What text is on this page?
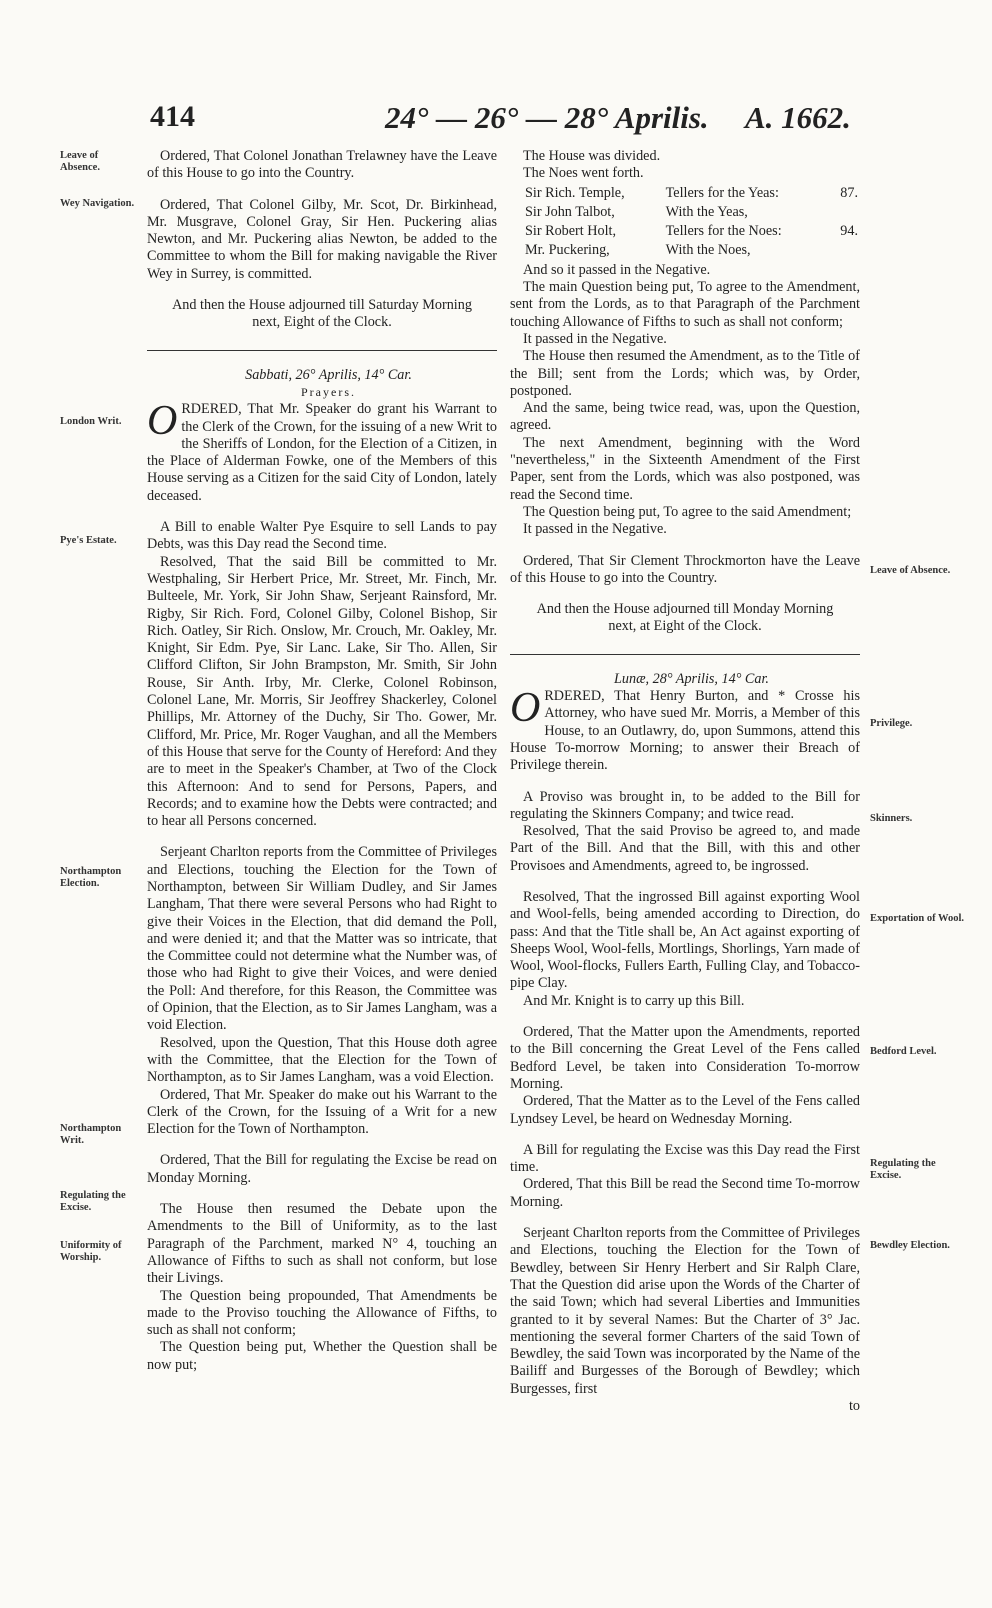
414	24° — 26° — 28° Aprilis. A. 1662.
Leave of Absence.
Wey Navigation.
London Writ.
Pye's Estate.
Northampton Election.
Northampton Writ.
Regulating the Excise.
Uniformity of Worship.
Leave of Absence.
Privilege.
Skinners.
Exportation of Wool.
Bedford Level.
Regulating the Excise.
Bewdley Election.

Ordered, That Colonel Jonathan Trelawney have the Leave of this House to go into the Country.

Ordered, That Colonel Gilby, Mr. Scot, Dr. Birkinhead, Mr. Musgrave, Colonel Gray, Sir Hen. Puckering alias Newton, and Mr. Puckering alias Newton, be added to the Committee to whom the Bill for making navigable the River Wey in Surrey, is committed.

And then the House adjourned till Saturday Morning next, Eight of the Clock.

Sabbati, 26° Aprilis, 14° Car.

Prayers.

ORDERED, That Mr. Speaker do grant his Warrant to the Clerk of the Crown, for the issuing of a new Writ to the Sheriffs of London, for the Election of a Citizen, in the Place of Alderman Fowke, one of the Members of this House serving as a Citizen for the said City of London, lately deceased.

A Bill to enable Walter Pye Esquire to sell Lands to pay Debts, was this Day read the Second time.

Resolved, That the said Bill be committed to Mr. Westphaling, Sir Herbert Price, Mr. Street, Mr. Finch, Mr. Bulteele, Mr. York, Sir John Shaw, Serjeant Rainsford, Mr. Rigby, Sir Rich. Ford, Colonel Gilby, Colonel Bishop, Sir Rich. Oatley, Sir Rich. Onslow, Mr. Crouch, Mr. Oakley, Mr. Knight, Sir Edm. Pye, Sir Lanc. Lake, Sir Tho. Allen, Sir Clifford Clifton, Sir John Brampston, Mr. Smith, Sir John Rouse, Sir Anth. Irby, Mr. Clerke, Colonel Robinson, Colonel Lane, Mr. Morris, Sir Jeoffrey Shackerley, Colonel Phillips, Mr. Attorney of the Duchy, Sir Tho. Gower, Mr. Clifford, Mr. Price, Mr. Roger Vaughan, and all the Members of this House that serve for the County of Hereford: And they are to meet in the Speaker's Chamber, at Two of the Clock this Afternoon: And to send for Persons, Papers, and Records; and to examine how the Debts were contracted; and to hear all Persons concerned.

Serjeant Charlton reports from the Committee of Privileges and Elections, touching the Election for the Town of Northampton, between Sir William Dudley, and Sir James Langham, That there were several Persons who had Right to give their Voices in the Election, that did demand the Poll, and were denied it; and that the Matter was so intricate, that the Committee could not determine what the Number was, of those who had Right to give their Voices, and were denied the Poll: And therefore, for this Reason, the Committee was of Opinion, that the Election, as to Sir James Langham, was a void Election.

Resolved, upon the Question, That this House doth agree with the Committee, that the Election for the Town of Northampton, as to Sir James Langham, was a void Election.

Ordered, That Mr. Speaker do make out his Warrant to the Clerk of the Crown, for the Issuing of a Writ for a new Election for the Town of Northampton.

Ordered, That the Bill for regulating the Excise be read on Monday Morning.

The House then resumed the Debate upon the Amendments to the Bill of Uniformity, as to the last Paragraph of the Parchment, marked N° 4, touching an Allowance of Fifths to such as shall not conform, but lose their Livings.

The Question being propounded, That Amendments be made to the Proviso touching the Allowance of Fifths, to such as shall not conform;

The Question being put, Whether the Question shall be now put;

The House was divided.

The Noes went forth.

Sir Rich. Temple,	Tellers for the Yeas:	87.
Sir John Talbot,	With the Yeas,	
Sir Robert Holt,	Tellers for the Noes:	94.
Mr. Puckering,	With the Noes,	

And so it passed in the Negative.

The main Question being put, To agree to the Amendment, sent from the Lords, as to that Paragraph of the Parchment touching Allowance of Fifths to such as shall not conform;

It passed in the Negative.

The House then resumed the Amendment, as to the Title of the Bill; sent from the Lords; which was, by Order, postponed.

And the same, being twice read, was, upon the Question, agreed.

The next Amendment, beginning with the Word "nevertheless," in the Sixteenth Amendment of the First Paper, sent from the Lords, which was also postponed, was read the Second time.

The Question being put, To agree to the said Amendment;

It passed in the Negative.

Ordered, That Sir Clement Throckmorton have the Leave of this House to go into the Country.

And then the House adjourned till Monday Morning next, at Eight of the Clock.

Lunæ, 28° Aprilis, 14° Car.

ORDERED, That Henry Burton, and * Crosse his Attorney, who have sued Mr. Morris, a Member of this House, to an Outlawry, do, upon Summons, attend this House To-morrow Morning; to answer their Breach of Privilege therein.

A Proviso was brought in, to be added to the Bill for regulating the Skinners Company; and twice read.

Resolved, That the said Proviso be agreed to, and made Part of the Bill. And that the Bill, with this and other Provisoes and Amendments, agreed to, be ingrossed.

Resolved, That the ingrossed Bill against exporting Wool and Wool-fells, being amended according to Direction, do pass: And that the Title shall be, An Act against exporting of Sheeps Wool, Wool-fells, Mortlings, Shorlings, Yarn made of Wool, Wool-flocks, Fullers Earth, Fulling Clay, and Tobacco-pipe Clay.

And Mr. Knight is to carry up this Bill.

Ordered, That the Matter upon the Amendments, reported to the Bill concerning the Great Level of the Fens called Bedford Level, be taken into Consideration To-morrow Morning.

Ordered, That the Matter as to the Level of the Fens called Lyndsey Level, be heard on Wednesday Morning.

A Bill for regulating the Excise was this Day read the First time.

Ordered, That this Bill be read the Second time To-morrow Morning.

Serjeant Charlton reports from the Committee of Privileges and Elections, touching the Election for the Town of Bewdley, between Sir Henry Herbert and Sir Ralph Clare, That the Question did arise upon the Words of the Charter of the said Town; which had several Liberties and Immunities granted to it by several Names: But the Charter of 3° Jac. mentioning the several former Charters of the said Town of Bewdley, the said Town was incorporated by the Name of the Bailiff and Burgesses of the Borough of Bewdley; which Burgesses, first

to
